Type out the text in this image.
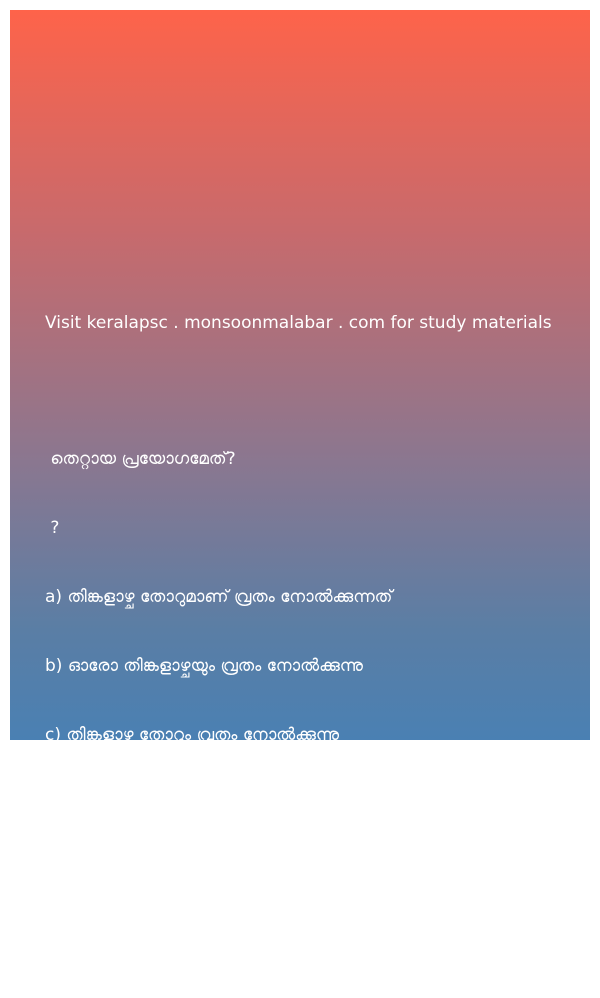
Visit keralapsc . monsoonmalabar . com for study materials

തെറ്റായ പ്രയോഗമേത്?

?

a) തിങ്കളാഴ്ച തോറുമാണ് വ്രതം നോൽക്കുന്നത്

b) ഓരോ തിങ്കളാഴ്ചയും വ്രതം നോൽക്കുന്നു

c) തിങ്കളാഴ്ച തോറും വ്രതം നോൽക്കുന്നു

d) ഓരോ തിങ്കളാഴ്ച തോറും വ്രതം നോൽക്കും

Answer: ഓരോ തിങ്കളാഴ്ച തോറും വ്രതം നോൽക്കും
